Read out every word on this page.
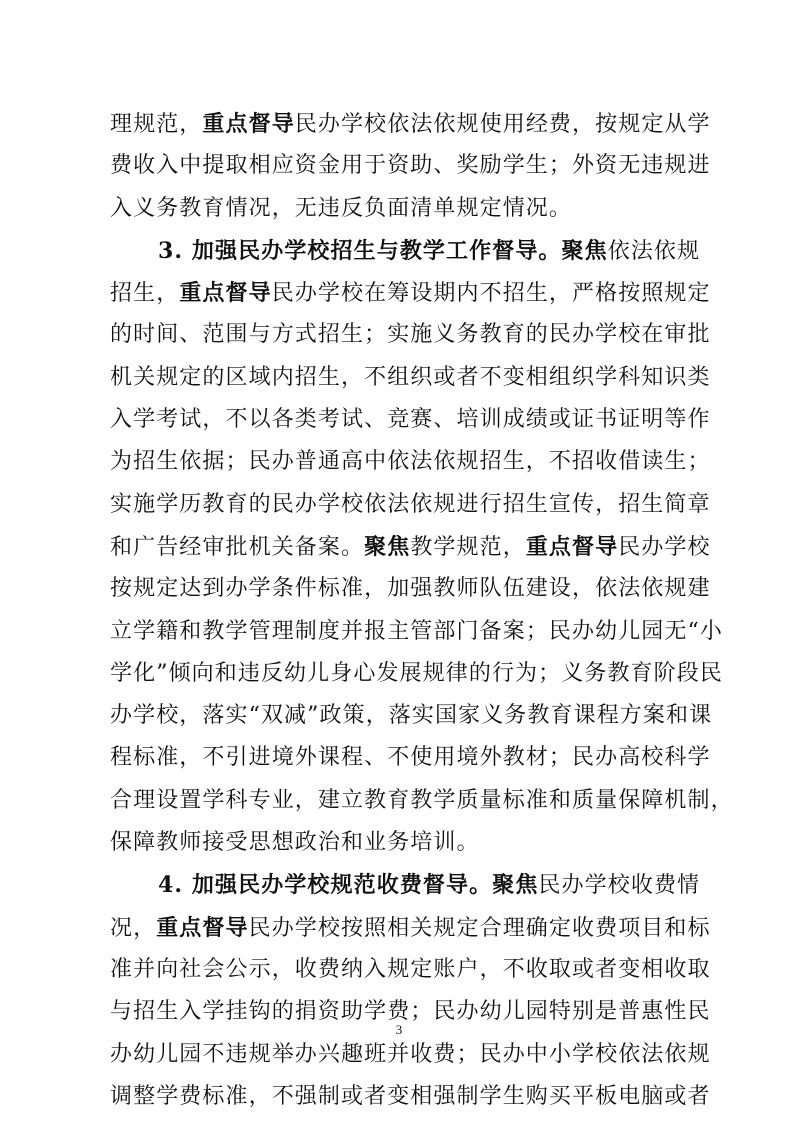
理规范，重点督导民办学校依法依规使用经费，按规定从学
费收入中提取相应资金用于资助、奖励学生；外资无违规进
入义务教育情况，无违反负面清单规定情况。
3. 加强民办学校招生与教学工作督导。聚焦依法依规
招生，重点督导民办学校在筹设期内不招生，严格按照规定
的时间、范围与方式招生；实施义务教育的民办学校在审批
机关规定的区域内招生，不组织或者不变相组织学科知识类
入学考试，不以各类考试、竞赛、培训成绩或证书证明等作
为招生依据；民办普通高中依法依规招生，不招收借读生；
实施学历教育的民办学校依法依规进行招生宣传，招生简章
和广告经审批机关备案。聚焦教学规范，重点督导民办学校
按规定达到办学条件标准，加强教师队伍建设，依法依规建
立学籍和教学管理制度并报主管部门备案；民办幼儿园无“小
学化”倾向和违反幼儿身心发展规律的行为；义务教育阶段民
办学校，落实“双减”政策，落实国家义务教育课程方案和课
程标准，不引进境外课程、不使用境外教材；民办高校科学
合理设置学科专业，建立教育教学质量标准和质量保障机制，
保障教师接受思想政治和业务培训。
4. 加强民办学校规范收费督导。聚焦民办学校收费情
况，重点督导民办学校按照相关规定合理确定收费项目和标
准并向社会公示，收费纳入规定账户，不收取或者变相收取
与招生入学挂钩的捐资助学费；民办幼儿园特别是普惠性民
办幼儿园不违规举办兴趣班并收费；民办中小学校依法依规
调整学费标准，不强制或者变相强制学生购买平板电脑或者
3
